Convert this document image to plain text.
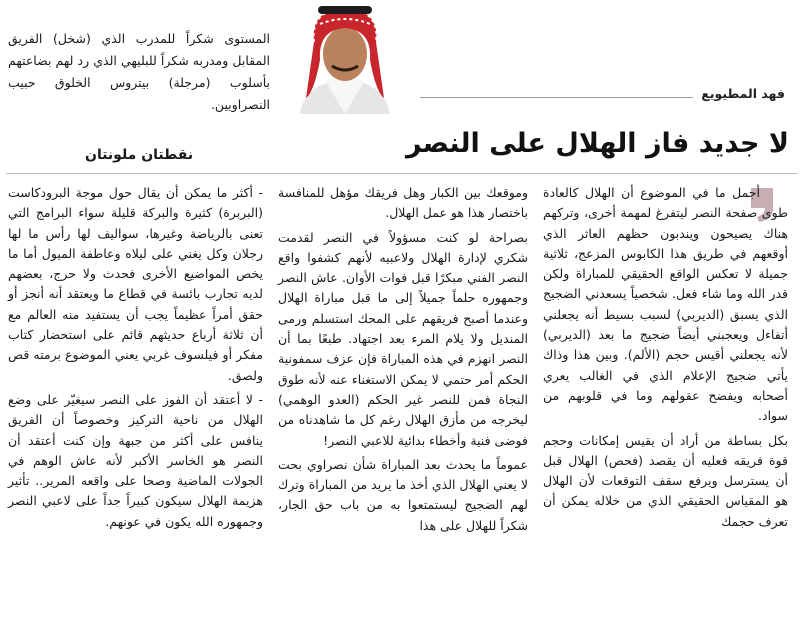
المستوى شكراً للمدرب الذي (شخل) الفريق المقابل ومدربه شكراً للبليهي الذي رد لهم بضاعتهم بأسلوب (مرجلة) بيتروس الخلوق حبيب النصراويين.
فهد المطيويع
لا جديد فاز الهلال على النصر
نقطتان ملونتان

أجمل ما في الموضوع أن الهلال كالعادة طوى صفحة النصر ليتفرغ لمهمة أخرى، وتركهم هناك يصيحون ويندبون حظهم العاثر الذي أوقعهم في طريق هذا الكابوس المزعج، ثلاثية جميلة لا تعكس الواقع الحقيقي للمباراة ولكن قدر الله وما شاء فعل. شخصياً يسعدني الضجيج الذي يسبق (الديربي) لسبب بسيط أنه يجعلني أتفاءل ويعجبني أيضاً ضجيج ما بعد (الديربي) لأنه يجعلني أقيس حجم (الألم). وبين هذا وذاك يأتي ضجيج الإعلام الذي في الغالب يعري أصحابه ويفضح عقولهم وما في قلوبهم من سواد.

بكل بساطة من أراد أن يقيس إمكانات وحجم قوة فريقه فعليه أن يقصد (فحص) الهلال قبل أن يسترسل ويرفع سقف التوقعات لأن الهلال هو المقياس الحقيقي الذي من خلاله يمكن أن تعرف حجمك

وموقعك بين الكبار وهل فريقك مؤهل للمنافسة باختصار هذا هو عمل الهلال.

بصراحة لو كنت مسؤولاً في النصر لقدمت شكري لإدارة الهلال ولاعبيه لأنهم كشفوا واقع النصر الفني مبكرًا قبل فوات الأوان. عاش النصر وجمهوره حلماً جميلاً إلى ما قبل مباراة الهلال وعندما أصبح فريقهم على المحك استسلم ورمى المنديل ولا يلام المرء بعد اجتهاد. طبعًا بما أن النصر انهزم في هذه المباراة فإن عزف سمفونية الحكم أمر حتمي لا يمكن الاستغناء عنه لأنه طوق النجاة فمن للنصر غير الحكم (العدو الوهمي) ليخرجه من مأزق الهلال رغم كل ما شاهدناه من فوضى فنية وأخطاء بدائية للاعبي النصر!

عموماً ما يحدث بعد المباراة شأن نصراوي بحت لا يعني الهلال الذي أخذ ما يريد من المباراة وترك لهم الضجيج ليستمتعوا به من باب حق الجار، شكراً للهلال على هذا

- أكثر ما يمكن أن يقال حول موجة البرودكاست (البربرة) كثيرة والبركة قليلة سواء البرامج التي تعنى بالرياضة وغيرها، سواليف لها رأس ما لها رجلان وكل يغني على ليلاه وعاطفة الميول أما ما يخص المواضيع الأخرى فحدث ولا حرج، بعضهم لديه تجارب بائسة في قطاع ما ويعتقد أنه أنجز أو حقق أمراً عظيماً يجب أن يستفيد منه العالم مع أن ثلاثة أرباع حديثهم قائم على استحضار كتاب مفكر أو فيلسوف غربي يعني الموضوع برمته قص ولصق.

- لا أعتقد أن الفوز على النصر سيغيّر على وضع الهلال من ناحية التركيز وخصوصاً أن الفريق ينافس على أكثر من جبهة وإن كنت أعتقد أن النصر هو الخاسر الأكبر لأنه عاش الوهم في الجولات الماضية وصحا على واقعه المرير.. تأثير هزيمة الهلال سيكون كبيراً جداً على لاعبي النصر وجمهوره الله يكون في عونهم.
